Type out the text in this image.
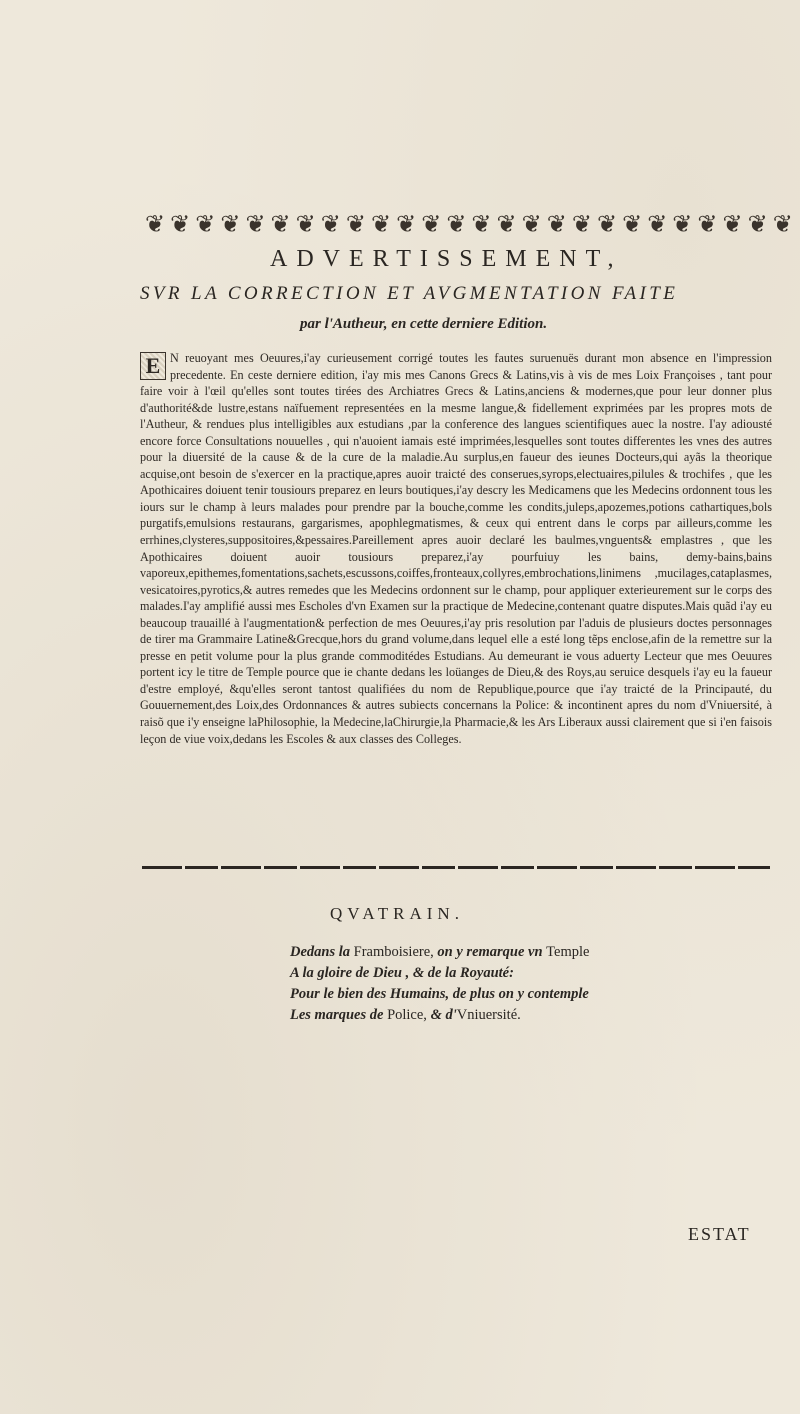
❦ ❦ ❦ ❦ ❦ ❦ ❦ ❦ ❦ ❦ ❦ ❦ ❦ ❦ ❦ ❦ ❦ ❦ ❦ ❦ ❦ ❦ ❦ ❦ ❦ ❦
ADVERTISSEMENT,
SVR LA CORRECTION ET AVGMENTATION FAITE
par l'Autheur, en cette derniere Edition.
E N reuoyant mes Oeuures,i'ay curieusement corrigé toutes les fautes suruenuës durant mon absence en l'impression precedente. En ceste derniere edition, i'ay mis mes Canons Grecs & Latins,vis à vis de mes Loix Françoises , tant pour faire voir à l'œil qu'elles sont toutes tirées des Archiatres Grecs & Latins,anciens & modernes,que pour leur donner plus d'authorité&de lustre,estans naïfuement representées en la mesme langue,& fidellement exprimées par les propres mots de l'Autheur, & rendues plus intelligibles aux estudians ,par la conference des langues scientifiques auec la nostre. I'ay adiousté encore force Consultations nouuelles , qui n'auoient iamais esté imprimées,lesquelles sont toutes differentes les vnes des autres pour la diuersité de la cause & de la cure de la maladie.Au surplus,en faueur des ieunes Docteurs,qui ayãs la theorique acquise,ont besoin de s'exercer en la practique,apres auoir traicté des conserues,syrops,electuaires,pilules & trochifes , que les Apothicaires doiuent tenir tousiours preparez en leurs boutiques,i'ay descry les Medicamens que les Medecins ordonnent tous les iours sur le champ à leurs malades pour prendre par la bouche,comme les condits,juleps,apozemes,potions cathartiques,bols purgatifs,emulsions restaurans, gargarismes, apophlegmatismes, & ceux qui entrent dans le corps par ailleurs,comme les errhines,clysteres,suppositoires,&pessaires.Pareillement apres auoir declaré les baulmes,vnguents& emplastres , que les Apothicaires doiuent auoir tousiours preparez,i'ay pourfuiuy les bains, demy-bains,bains vaporeux,epithemes,fomentations,sachets,escussons,coiffes,fronteaux,collyres,embrochations,linimens ,mucilages,cataplasmes, vesicatoires,pyrotics,& autres remedes que les Medecins ordonnent sur le champ, pour appliquer exterieurement sur le corps des malades.I'ay amplifié aussi mes Escholes d'vn Examen sur la practique de Medecine,contenant quatre disputes.Mais quãd i'ay eu beaucoup trauaillé à l'augmentation& perfection de mes Oeuures,i'ay pris resolution par l'aduis de plusieurs doctes personnages de tirer ma Grammaire Latine&Grecque,hors du grand volume,dans lequel elle a esté long tẽps enclose,afin de la remettre sur la presse en petit volume pour la plus grande commoditédes Estudians. Au demeurant ie vous aduerty Lecteur que mes Oeuures portent icy le titre de Temple pource que ie chante dedans les loüanges de Dieu,& des Roys,au seruice desquels i'ay eu la faueur d'estre employé, &qu'elles seront tantost qualifiées du nom de Republique,pource que i'ay traicté de la Principauté, du Gouuernement,des Loix,des Ordonnances & autres subiects concernans la Police: & incontinent apres du nom d'Vniuersité, à raisõ que i'y enseigne laPhilosophie, la Medecine,laChirurgie,la Pharmacie,& les Ars Liberaux aussi clairement que si i'en faisois leçon de viue voix,dedans les Escoles & aux classes des Colleges.
QVATRAIN.
Dedans la Framboisiere, on y remarque vn Temple
A la gloire de Dieu , & de la Royauté:
Pour le bien des Humains, de plus on y contemple
Les marques de Police, & d'Vniuersité.
ESTAT
